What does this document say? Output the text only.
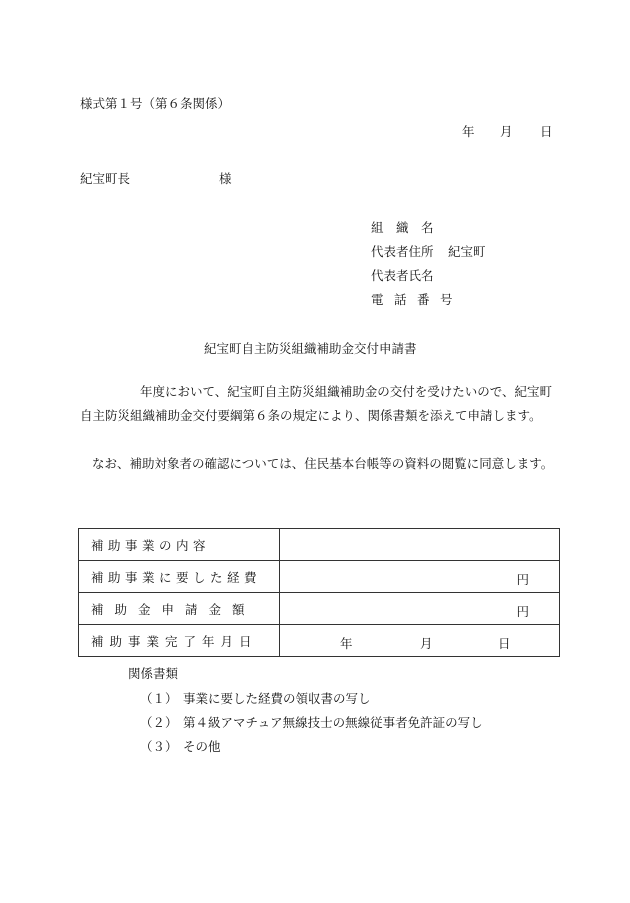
様式第１号（第６条関係）
年 月 日
紀宝町長	様
組　織　名
代表者住所 紀宝町
代表者氏名
電　話　番　号
紀宝町自主防災組織補助金交付申請書
年度において、紀宝町自主防災組織補助金の交付を受けたいので、紀宝町自主防災組織補助金交付要綱第６条の規定により、関係書類を添えて申請します。
なお、補助対象者の確認については、住民基本台帳等の資料の閲覧に同意します。
補助事業の内容	
補助事業に要した経費	円

補助金申請金額	円

補助事業完了年月日	年 月 日
関係書類
（１） 事業に要した経費の領収書の写し
（２） 第４級アマチュア無線技士の無線従事者免許証の写し
（３） その他
